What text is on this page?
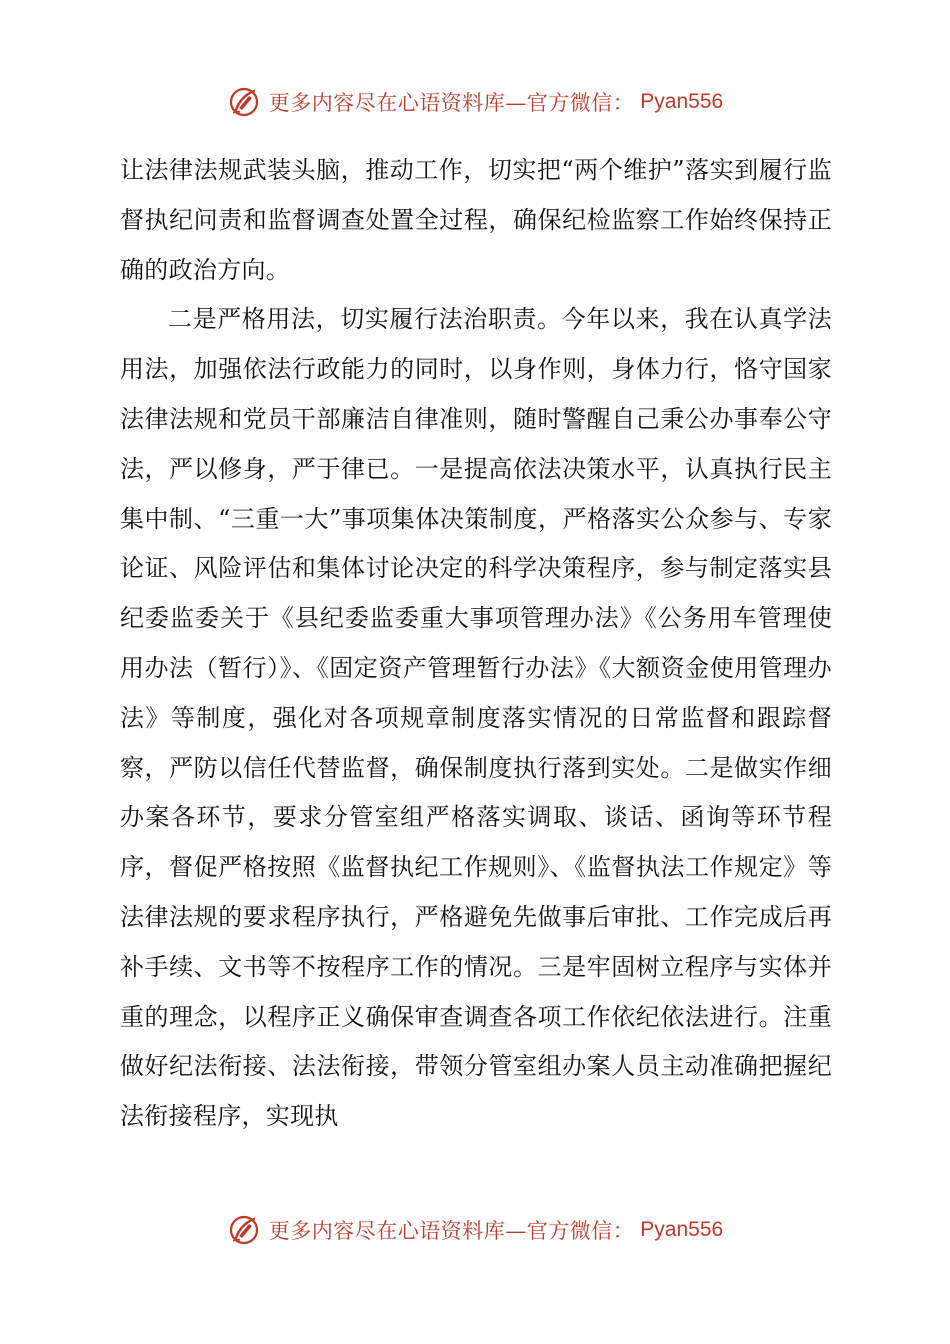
更多内容尽在心语资料库—官方微信： Pyan556

让法律法规武装头脑，推动工作，切实把“两个维护”落实到履行监督执纪问责和监督调查处置全过程，确保纪检监察工作始终保持正确的政治方向。

二是严格用法，切实履行法治职责。今年以来，我在认真学法用法，加强依法行政能力的同时，以身作则，身体力行，恪守国家法律法规和党员干部廉洁自律准则，随时警醒自己秉公办事奉公守法，严以修身，严于律已。一是提高依法决策水平，认真执行民主集中制、“三重一大”事项集体决策制度，严格落实公众参与、专家论证、风险评估和集体讨论决定的科学决策程序，参与制定落实县纪委监委关于《县纪委监委重大事项管理办法》《公务用车管理使用办法（暂行）》、《固定资产管理暂行办法》《大额资金使用管理办法》等制度，强化对各项规章制度落实情况的日常监督和跟踪督察，严防以信任代替监督，确保制度执行落到实处。二是做实作细办案各环节，要求分管室组严格落实调取、谈话、函询等环节程序，督促严格按照《监督执纪工作规则》、《监督执法工作规定》等法律法规的要求程序执行，严格避免先做事后审批、工作完成后再补手续、文书等不按程序工作的情况。三是牢固树立程序与实体并重的理念，以程序正义确保审查调查各项工作依纪依法进行。注重做好纪法衔接、法法衔接，带领分管室组办案人员主动准确把握纪法衔接程序，实现执

更多内容尽在心语资料库—官方微信： Pyan556
